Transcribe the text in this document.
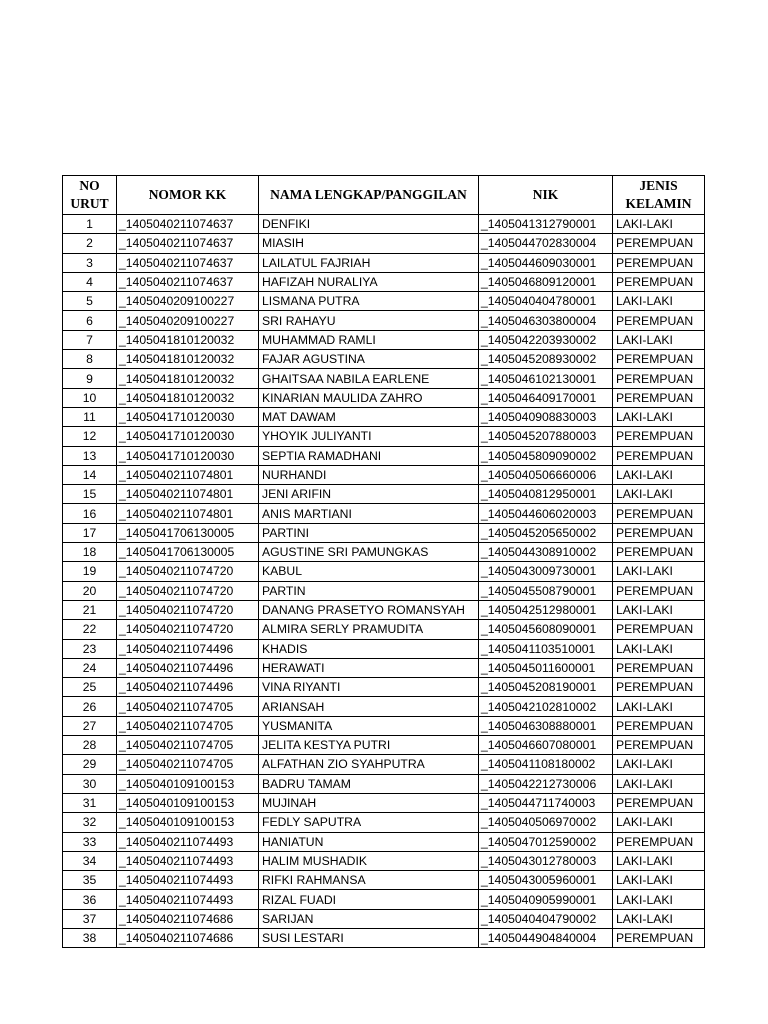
NO URUT	NOMOR KK	NAMA LENGKAP/PANGGILAN	NIK	JENIS KELAMIN
1	_1405040211074637	DENFIKI	_1405041312790001	LAKI-LAKI
2	_1405040211074637	MIASIH	_1405044702830004	PEREMPUAN
3	_1405040211074637	LAILATUL FAJRIAH	_1405044609030001	PEREMPUAN
4	_1405040211074637	HAFIZAH NURALIYA	_1405046809120001	PEREMPUAN
5	_1405040209100227	LISMANA PUTRA	_1405040404780001	LAKI-LAKI
6	_1405040209100227	SRI RAHAYU	_1405046303800004	PEREMPUAN
7	_1405041810120032	MUHAMMAD RAMLI	_1405042203930002	LAKI-LAKI
8	_1405041810120032	FAJAR AGUSTINA	_1405045208930002	PEREMPUAN
9	_1405041810120032	GHAITSAA NABILA EARLENE	_1405046102130001	PEREMPUAN
10	_1405041810120032	KINARIAN MAULIDA ZAHRO	_1405046409170001	PEREMPUAN
11	_1405041710120030	MAT DAWAM	_1405040908830003	LAKI-LAKI
12	_1405041710120030	YHOYIK JULIYANTI	_1405045207880003	PEREMPUAN
13	_1405041710120030	SEPTIA RAMADHANI	_1405045809090002	PEREMPUAN
14	_1405040211074801	NURHANDI	_1405040506660006	LAKI-LAKI
15	_1405040211074801	JENI ARIFIN	_1405040812950001	LAKI-LAKI
16	_1405040211074801	ANIS MARTIANI	_1405044606020003	PEREMPUAN
17	_1405041706130005	PARTINI	_1405045205650002	PEREMPUAN
18	_1405041706130005	AGUSTINE SRI PAMUNGKAS	_1405044308910002	PEREMPUAN
19	_1405040211074720	KABUL	_1405043009730001	LAKI-LAKI
20	_1405040211074720	PARTIN	_1405045508790001	PEREMPUAN
21	_1405040211074720	DANANG PRASETYO ROMANSYAH	_1405042512980001	LAKI-LAKI
22	_1405040211074720	ALMIRA SERLY PRAMUDITA	_1405045608090001	PEREMPUAN
23	_1405040211074496	KHADIS	_1405041103510001	LAKI-LAKI
24	_1405040211074496	HERAWATI	_1405045011600001	PEREMPUAN
25	_1405040211074496	VINA RIYANTI	_1405045208190001	PEREMPUAN
26	_1405040211074705	ARIANSAH	_1405042102810002	LAKI-LAKI
27	_1405040211074705	YUSMANITA	_1405046308880001	PEREMPUAN
28	_1405040211074705	JELITA KESTYA PUTRI	_1405046607080001	PEREMPUAN
29	_1405040211074705	ALFATHAN ZIO SYAHPUTRA	_1405041108180002	LAKI-LAKI
30	_1405040109100153	BADRU TAMAM	_1405042212730006	LAKI-LAKI
31	_1405040109100153	MUJINAH	_1405044711740003	PEREMPUAN
32	_1405040109100153	FEDLY SAPUTRA	_1405040506970002	LAKI-LAKI
33	_1405040211074493	HANIATUN	_1405047012590002	PEREMPUAN
34	_1405040211074493	HALIM MUSHADIK	_1405043012780003	LAKI-LAKI
35	_1405040211074493	RIFKI RAHMANSA	_1405043005960001	LAKI-LAKI
36	_1405040211074493	RIZAL FUADI	_1405040905990001	LAKI-LAKI
37	_1405040211074686	SARIJAN	_1405040404790002	LAKI-LAKI
38	_1405040211074686	SUSI LESTARI	_1405044904840004	PEREMPUAN
